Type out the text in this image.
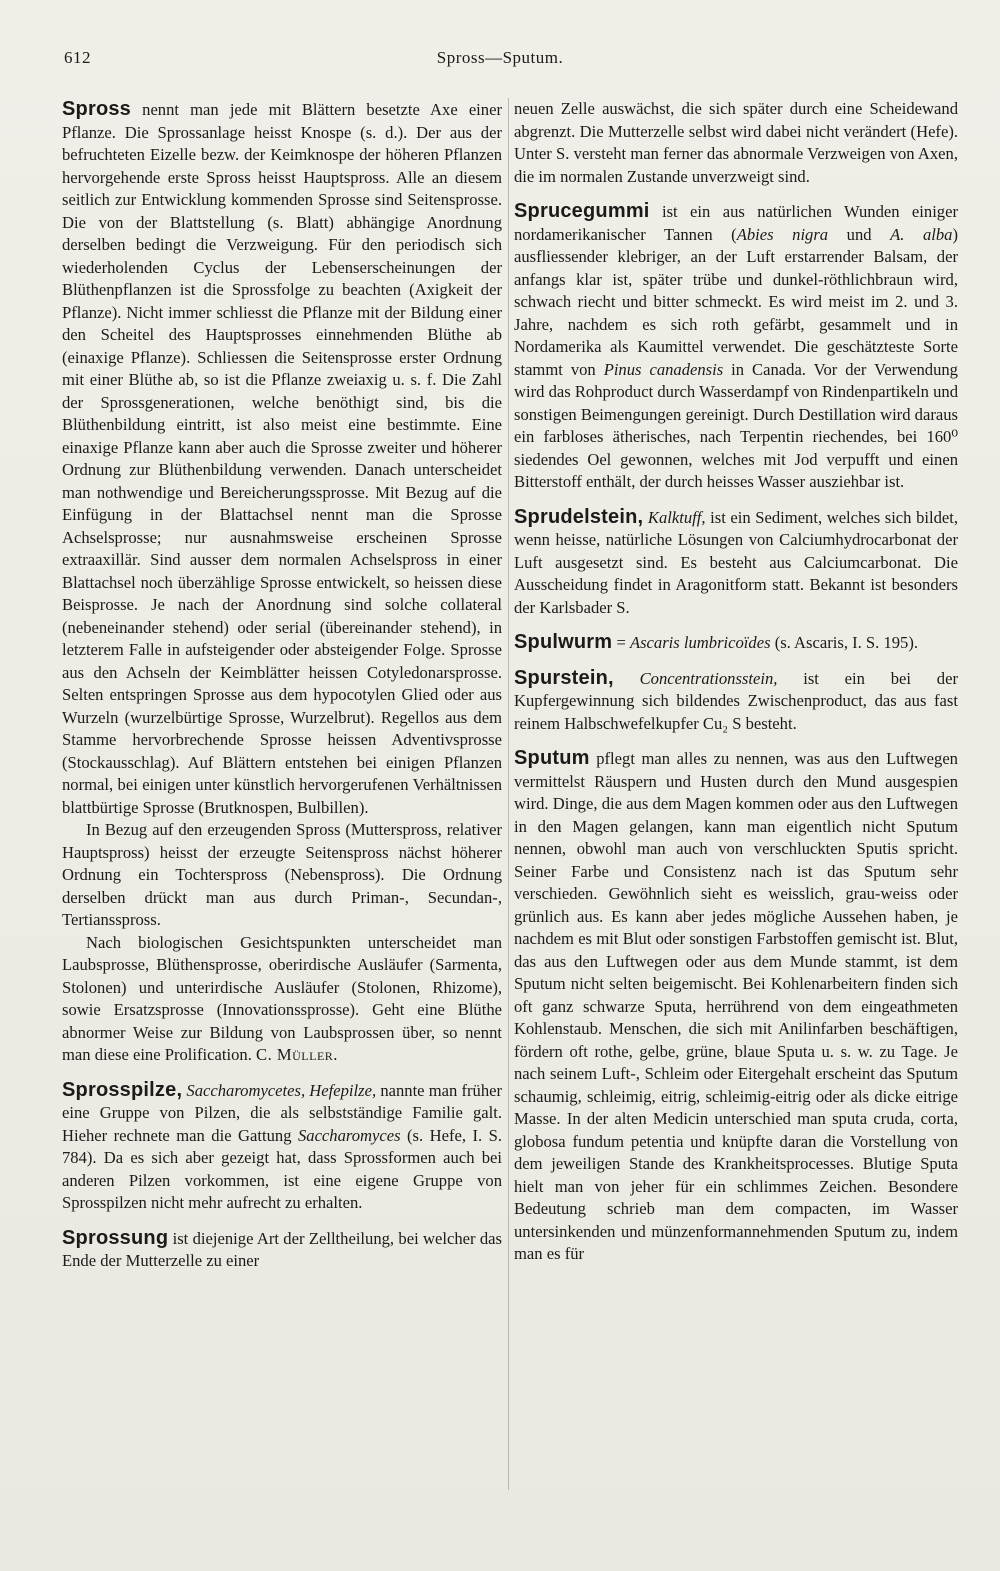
612	Spross—Sputum.

Spross nennt man jede mit Blättern besetzte Axe einer Pflanze. Die Sprossanlage heisst Knospe (s. d.). Der aus der befruchteten Eizelle bezw. der Keimknospe der höheren Pflanzen hervorgehende erste Spross heisst Hauptspross. Alle an diesem seitlich zur Entwicklung kommenden Sprosse sind Seitensprosse. Die von der Blattstellung (s. Blatt) abhängige Anordnung derselben bedingt die Verzweigung. Für den periodisch sich wiederholenden Cyclus der Lebenserscheinungen der Blüthenpflanzen ist die Sprossfolge zu beachten (Axigkeit der Pflanze). Nicht immer schliesst die Pflanze mit der Bildung einer den Scheitel des Hauptsprosses einnehmenden Blüthe ab (einaxige Pflanze). Schliessen die Seitensprosse erster Ordnung mit einer Blüthe ab, so ist die Pflanze zweiaxig u. s. f. Die Zahl der Sprossgenerationen, welche benöthigt sind, bis die Blüthenbildung eintritt, ist also meist eine bestimmte. Eine einaxige Pflanze kann aber auch die Sprosse zweiter und höherer Ordnung zur Blüthenbildung verwenden. Danach unterscheidet man nothwendige und Bereicherungssprosse. Mit Bezug auf die Einfügung in der Blattachsel nennt man die Sprosse Achselsprosse; nur ausnahmsweise erscheinen Sprosse extraaxillär. Sind ausser dem normalen Achselspross in einer Blattachsel noch überzählige Sprosse entwickelt, so heissen diese Beisprosse. Je nach der Anordnung sind solche collateral (nebeneinander stehend) oder serial (übereinander stehend), in letzterem Falle in aufsteigender oder absteigender Folge. Sprosse aus den Achseln der Keimblätter heissen Cotyledonarsprosse. Selten entspringen Sprosse aus dem hypocotylen Glied oder aus Wurzeln (wurzelbürtige Sprosse, Wurzelbrut). Regellos aus dem Stamme hervorbrechende Sprosse heissen Adventivsprosse (Stockausschlag). Auf Blättern entstehen bei einigen Pflanzen normal, bei einigen unter künstlich hervorgerufenen Verhältnissen blattbürtige Sprosse (Brutknospen, Bulbillen).

In Bezug auf den erzeugenden Spross (Mutterspross, relativer Hauptspross) heisst der erzeugte Seitenspross nächst höherer Ordnung ein Tochterspross (Nebenspross). Die Ordnung derselben drückt man aus durch Priman-, Secundan-, Tertiansspross.

Nach biologischen Gesichtspunkten unterscheidet man Laubsprosse, Blüthensprosse, oberirdische Ausläufer (Sarmenta, Stolonen) und unterirdische Ausläufer (Stolonen, Rhizome), sowie Ersatzsprosse (Innovationssprosse). Geht eine Blüthe abnormer Weise zur Bildung von Laubsprossen über, so nennt man diese eine Prolification. C. Müller.

Sprosspilze, Saccharomycetes, Hefepilze, nannte man früher eine Gruppe von Pilzen, die als selbstständige Familie galt. Hieher rechnete man die Gattung Saccharomyces (s. Hefe, I. S. 784). Da es sich aber gezeigt hat, dass Sprossformen auch bei anderen Pilzen vorkommen, ist eine eigene Gruppe von Sprosspilzen nicht mehr aufrecht zu erhalten.

Sprossung ist diejenige Art der Zelltheilung, bei welcher das Ende der Mutterzelle zu einer

neuen Zelle auswächst, die sich später durch eine Scheidewand abgrenzt. Die Mutterzelle selbst wird dabei nicht verändert (Hefe). Unter S. versteht man ferner das abnormale Verzweigen von Axen, die im normalen Zustande unverzweigt sind.

Sprucegummi ist ein aus natürlichen Wunden einiger nordamerikanischer Tannen (Abies nigra und A. alba) ausfliessender klebriger, an der Luft erstarrender Balsam, der anfangs klar ist, später trübe und dunkel-röthlichbraun wird, schwach riecht und bitter schmeckt. Es wird meist im 2. und 3. Jahre, nachdem es sich roth gefärbt, gesammelt und in Nordamerika als Kaumittel verwendet. Die geschätzteste Sorte stammt von Pinus canadensis in Canada. Vor der Verwendung wird das Rohproduct durch Wasserdampf von Rindenpartikeln und sonstigen Beimengungen gereinigt. Durch Destillation wird daraus ein farbloses ätherisches, nach Terpentin riechendes, bei 160⁰ siedendes Oel gewonnen, welches mit Jod verpufft und einen Bitterstoff enthält, der durch heisses Wasser ausziehbar ist.

Sprudelstein, Kalktuff, ist ein Sediment, welches sich bildet, wenn heisse, natürliche Lösungen von Calciumhydrocarbonat der Luft ausgesetzt sind. Es besteht aus Calciumcarbonat. Die Ausscheidung findet in Aragonitform statt. Bekannt ist besonders der Karlsbader S.

Spulwurm = Ascaris lumbricoïdes (s. Ascaris, I. S. 195).

Spurstein, Concentrationsstein, ist ein bei der Kupfergewinnung sich bildendes Zwischenproduct, das aus fast reinem Halbschwefelkupfer Cu₂ S besteht.

Sputum pflegt man alles zu nennen, was aus den Luftwegen vermittelst Räuspern und Husten durch den Mund ausgespien wird. Dinge, die aus dem Magen kommen oder aus den Luftwegen in den Magen gelangen, kann man eigentlich nicht Sputum nennen, obwohl man auch von verschluckten Sputis spricht. Seiner Farbe und Consistenz nach ist das Sputum sehr verschieden. Gewöhnlich sieht es weisslich, grau-weiss oder grünlich aus. Es kann aber jedes mögliche Aussehen haben, je nachdem es mit Blut oder sonstigen Farbstoffen gemischt ist. Blut, das aus den Luftwegen oder aus dem Munde stammt, ist dem Sputum nicht selten beigemischt. Bei Kohlenarbeitern finden sich oft ganz schwarze Sputa, herrührend von dem eingeathmeten Kohlenstaub. Menschen, die sich mit Anilinfarben beschäftigen, fördern oft rothe, gelbe, grüne, blaue Sputa u. s. w. zu Tage. Je nach seinem Luft-, Schleim oder Eitergehalt erscheint das Sputum schaumig, schleimig, eitrig, schleimig-eitrig oder als dicke eitrige Masse. In der alten Medicin unterschied man sputa cruda, corta, globosa fundum petentia und knüpfte daran die Vorstellung von dem jeweiligen Stande des Krankheitsprocesses. Blutige Sputa hielt man von jeher für ein schlimmes Zeichen. Besondere Bedeutung schrieb man dem compacten, im Wasser untersinkenden und münzenformannehmenden Sputum zu, indem man es für
